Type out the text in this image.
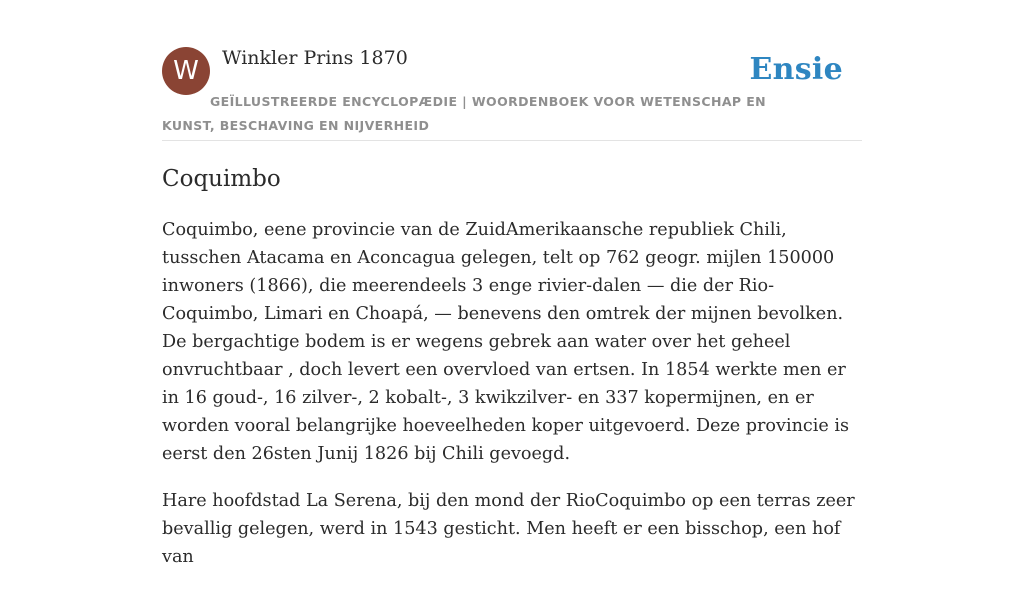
W	Winkler Prins 1870	Ensie
GEÏLLUSTREERDE ENCYCLOPÆDIE | WOORDENBOEK VOOR WETENSCHAP EN KUNST, BESCHAVING EN NIJVERHEID
Coquimbo

Coquimbo, eene provincie van de ZuidAmerikaansche republiek Chili, tusschen Atacama en Aconcagua gelegen, telt op 762 geogr. mijlen 150000 inwoners (1866), die meerendeels 3 enge rivier-dalen — die der Rio-Coquimbo, Limari en Choapá, — benevens den omtrek der mijnen bevolken. De bergachtige bodem is er wegens gebrek aan water over het geheel onvruchtbaar , doch levert een overvloed van ertsen. In 1854 werkte men er in 16 goud-, 16 zilver-, 2 kobalt-, 3 kwikzilver- en 337 kopermijnen, en er worden vooral belangrijke hoeveelheden koper uitgevoerd. Deze provincie is eerst den 26sten Junij 1826 bij Chili gevoegd.

Hare hoofdstad La Serena, bij den mond der RioCoquimbo op een terras zeer bevallig gelegen, werd in 1543 gesticht. Men heeft er een bisschop, een hof van
